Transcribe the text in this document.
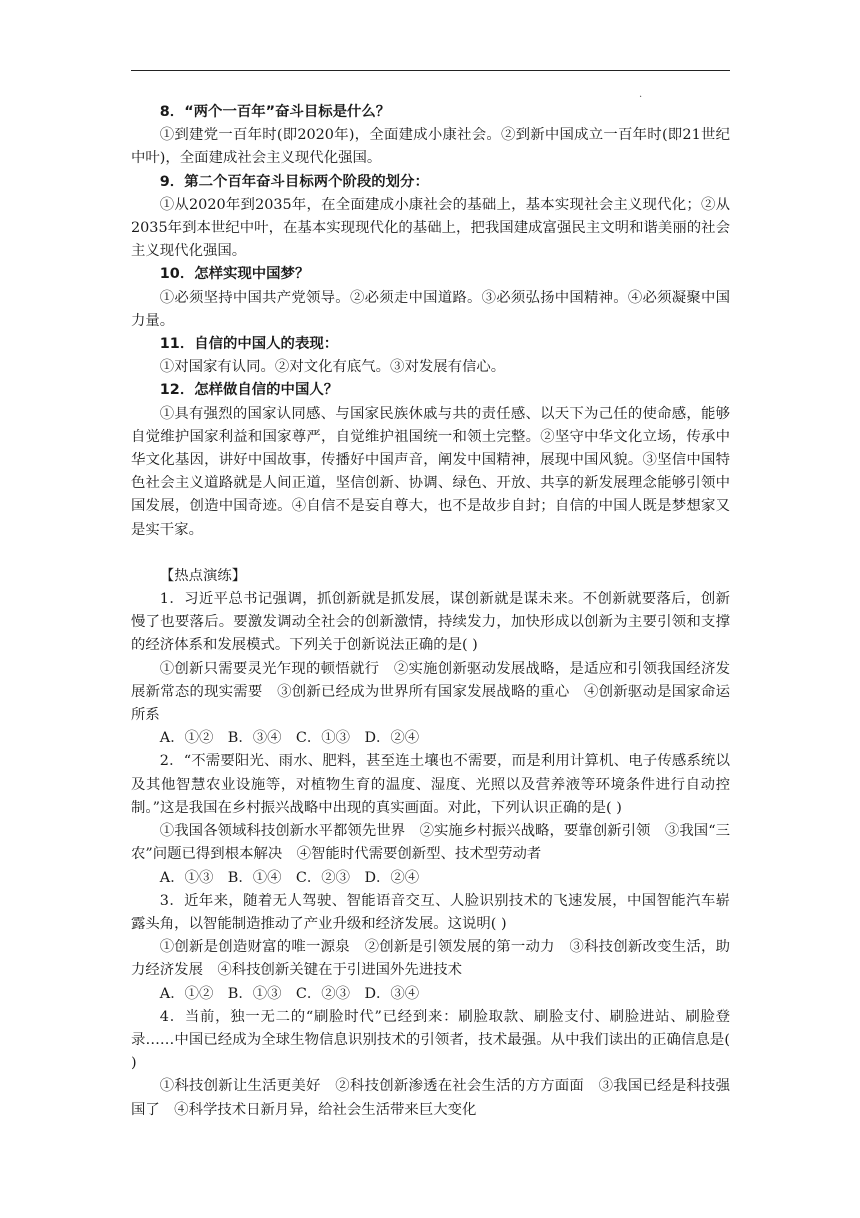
.

8．“两个一百年”奋斗目标是什么？

①到建党一百年时(即2020年)，全面建成小康社会。②到新中国成立一百年时(即21世纪中叶)，全面建成社会主义现代化强国。

9．第二个百年奋斗目标两个阶段的划分：

①从2020年到2035年，在全面建成小康社会的基础上，基本实现社会主义现代化；②从2035年到本世纪中叶，在基本实现现代化的基础上，把我国建成富强民主文明和谐美丽的社会主义现代化强国。

10．怎样实现中国梦？

①必须坚持中国共产党领导。②必须走中国道路。③必须弘扬中国精神。④必须凝聚中国力量。

11．自信的中国人的表现：

①对国家有认同。②对文化有底气。③对发展有信心。

12．怎样做自信的中国人？

①具有强烈的国家认同感、与国家民族休戚与共的责任感、以天下为己任的使命感，能够自觉维护国家利益和国家尊严，自觉维护祖国统一和领土完整。②坚守中华文化立场，传承中华文化基因，讲好中国故事，传播好中国声音，阐发中国精神，展现中国风貌。③坚信中国特色社会主义道路就是人间正道，坚信创新、协调、绿色、开放、共享的新发展理念能够引领中国发展，创造中国奇迹。④自信不是妄自尊大，也不是故步自封；自信的中国人既是梦想家又是实干家。

【热点演练】

1．习近平总书记强调，抓创新就是抓发展，谋创新就是谋未来。不创新就要落后，创新慢了也要落后。要激发调动全社会的创新激情，持续发力，加快形成以创新为主要引领和支撑的经济体系和发展模式。下列关于创新说法正确的是( )

①创新只需要灵光乍现的顿悟就行　②实施创新驱动发展战略，是适应和引领我国经济发展新常态的现实需要　③创新已经成为世界所有国家发展战略的重心　④创新驱动是国家命运所系

A．①②　B．③④　C．①③　D．②④

2．“不需要阳光、雨水、肥料，甚至连土壤也不需要，而是利用计算机、电子传感系统以及其他智慧农业设施等，对植物生育的温度、湿度、光照以及营养液等环境条件进行自动控制。”这是我国在乡村振兴战略中出现的真实画面。对此，下列认识正确的是( )

①我国各领域科技创新水平都领先世界　②实施乡村振兴战略，要靠创新引领　③我国“三农”问题已得到根本解决　④智能时代需要创新型、技术型劳动者

A．①③　B．①④　C．②③　D．②④

3．近年来，随着无人驾驶、智能语音交互、人脸识别技术的飞速发展，中国智能汽车崭露头角，以智能制造推动了产业升级和经济发展。这说明( )

①创新是创造财富的唯一源泉　②创新是引领发展的第一动力　③科技创新改变生活，助力经济发展　④科技创新关键在于引进国外先进技术

A．①②　B．①③　C．②③　D．③④

4．当前，独一无二的“刷脸时代”已经到来：刷脸取款、刷脸支付、刷脸进站、刷脸登录……中国已经成为全球生物信息识别技术的引领者，技术最强。从中我们读出的正确信息是( )

①科技创新让生活更美好　②科技创新渗透在社会生活的方方面面　③我国已经是科技强国了　④科学技术日新月异，给社会生活带来巨大变化
